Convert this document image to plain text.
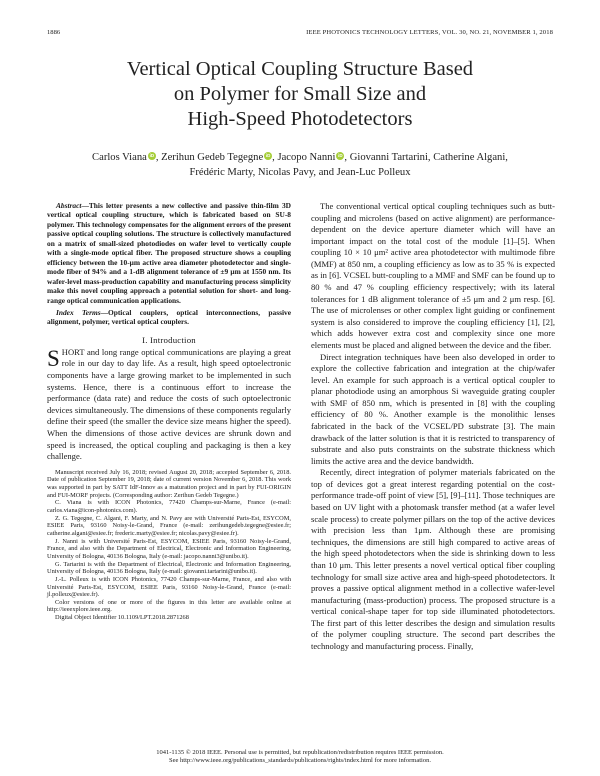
1886	IEEE PHOTONICS TECHNOLOGY LETTERS, VOL. 30, NO. 21, NOVEMBER 1, 2018
Vertical Optical Coupling Structure Based
on Polymer for Small Size and
High-Speed Photodetectors
Carlos Viana iD , Zerihun Gedeb Tegegne iD , Jacopo Nanni iD , Giovanni Tartarini, Catherine Algani,
Frédéric Marty, Nicolas Pavy, and Jean-Luc Polleux

Abstract—This letter presents a new collective and passive thin-film 3D vertical optical coupling structure, which is fabricated based on SU-8 polymer. This technology compensates for the alignment errors of the present passive optical coupling solutions. The structure is collectively manufactured on a matrix of small-sized photodiodes on wafer level to vertically couple with a single-mode optical fiber. The proposed structure shows a coupling efficiency between the 10-μm active area diameter photodetector and single-mode fiber of 94% and a 1-dB alignment tolerance of ±9 μm at 1550 nm. Its wafer-level mass-production capability and manufacturing process simplicity make this novel coupling approach a potential solution for short- and long-range optical communication applications.

Index Terms—Optical couplers, optical interconnections, passive alignment, polymer, vertical optical couplers.

I. Introduction

SHORT and long range optical communications are playing a great role in our day to day life. As a result, high speed optoelectronic components have a large growing market to be implemented in such systems. Hence, there is a continuous effort to increase the performance (data rate) and reduce the costs of such optoelectronic devices simultaneously. The dimensions of these components regularly define their speed (the smaller the device size means higher the speed). When the dimensions of those active devices are shrunk down and speed is increased, the optical coupling and packaging is then a key challenge.

Manuscript received July 16, 2018; revised August 20, 2018; accepted September 6, 2018. Date of publication September 19, 2018; date of current version November 6, 2018. This work was supported in part by SATT IdF-Innov as a maturation project and in part by FUI-ORIGIN and FUI-MORF projects. (Corresponding author: Zerihun Gedeb Tegegne.)

C. Viana is with ICON Photonics, 77420 Champs-sur-Marne, France (e-mail: carlos.viana@icon-photonics.com).

Z. G. Tegegne, C. Algani, F. Marty, and N. Pavy are with Université Paris-Est, ESYCOM, ESIEE Paris, 93160 Noisy-le-Grand, France (e-mail: zerihungedeb.tegegne@esiee.fr; catherine.algani@esiee.fr; frederic.marty@esiee.fr; nicolas.pavy@esiee.fr).

J. Nanni is with Université Paris-Est, ESYCOM, ESIEE Paris, 93160 Noisy-le-Grand, France, and also with the Department of Electrical, Electronic and Information Engineering, University of Bologna, 40136 Bologna, Italy (e-mail: jacopo.nanni3@unibo.it).

G. Tartarini is with the Department of Electrical, Electronic and Information Engineering, University of Bologna, 40136 Bologna, Italy (e-mail: giovanni.tartarini@unibo.it).

J.-L. Polleux is with ICON Photonics, 77420 Champs-sur-Marne, France, and also with Université Paris-Est, ESYCOM, ESIEE Paris, 93160 Noisy-le-Grand, France (e-mail: jl.polleux@esiee.fr).

Color versions of one or more of the figures in this letter are available online at http://ieeexplore.ieee.org.

Digital Object Identifier 10.1109/LPT.2018.2871268

The conventional vertical optical coupling techniques such as butt-coupling and microlens (based on active alignment) are performance-dependent on the device aperture diameter which will have an important impact on the total cost of the module [1]–[5]. When coupling 10 × 10 μm² active area photodetector with multimode fibre (MMF) at 850 nm, a coupling efficiency as low as to 35 % is expected as in [6]. VCSEL butt-coupling to a MMF and SMF can be found up to 80 % and 47 % coupling efficiency respectively; with its lateral tolerances for 1 dB alignment tolerance of ±5 μm and 2 μm resp. [6]. The use of microlenses or other complex light guiding or confinement system is also considered to improve the coupling efficiency [1], [2], which adds however extra cost and complexity since one more elements must be placed and aligned between the device and the fiber.

Direct integration techniques have been also developed in order to explore the collective fabrication and integration at the chip/wafer level. An example for such approach is a vertical optical coupler to planar photodiode using an amorphous Si waveguide grating coupler with SMF of 850 nm, which is presented in [8] with the coupling efficiency of 80 %. Another example is the monolithic lenses fabricated in the back of the VCSEL/PD substrate [3]. The main drawback of the latter solution is that it is restricted to transparency of substrate and also puts constraints on the substrate thickness which limits the active area and the device bandwidth.

Recently, direct integration of polymer materials fabricated on the top of devices got a great interest regarding potential on the cost-performance trade-off point of view [5], [9]–[11]. Those techniques are based on UV light with a photomask transfer method (at a wafer level scale process) to create polymer pillars on the top of the active devices with precision less than 1μm. Although these are promising techniques, the dimensions are still high compared to active areas of the high speed photodetectors when the side is shrinking down to less than 10 μm. This letter presents a novel vertical optical fiber coupling technology for small size active area and high-speed photodetectors. It proves a passive optical alignment method in a collective wafer-level manufacturing (mass-production) process. The proposed structure is a vertical conical-shape taper for top side illuminated photodetectors. The first part of this letter describes the design and simulation results of the polymer coupling structure. The second part describes the technology and manufacturing process. Finally,

1041-1135 © 2018 IEEE. Personal use is permitted, but republication/redistribution requires IEEE permission.
See http://www.ieee.org/publications_standards/publications/rights/index.html for more information.
